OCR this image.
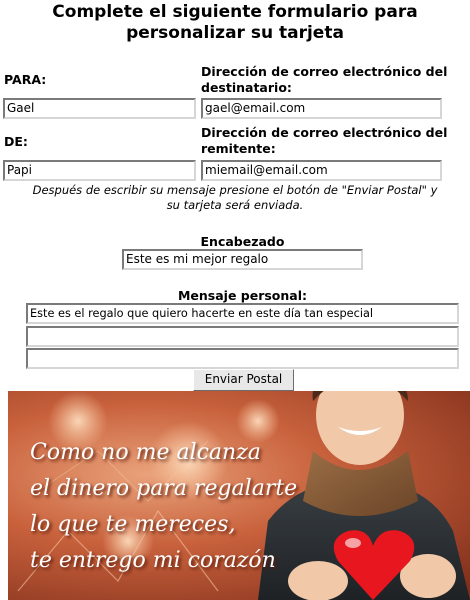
Complete el siguiente formulario para
personalizar su tarjeta
PARA:
Dirección de correo electrónico del
destinatario:
Gael	gael@email.com
DE:
Dirección de correo electrónico del
remitente:
Papi	miemail@email.com
Después de escribir su mensaje presione el botón de "Enviar Postal" y
su tarjeta será enviada.
Encabezado
Este es mi mejor regalo
Mensaje personal:
Este es el regalo que quiero hacerte en este día tan especial
Enviar Postal
Como no me alcanza
el dinero para regalarte
lo que te mereces,
te entrego mi corazón
